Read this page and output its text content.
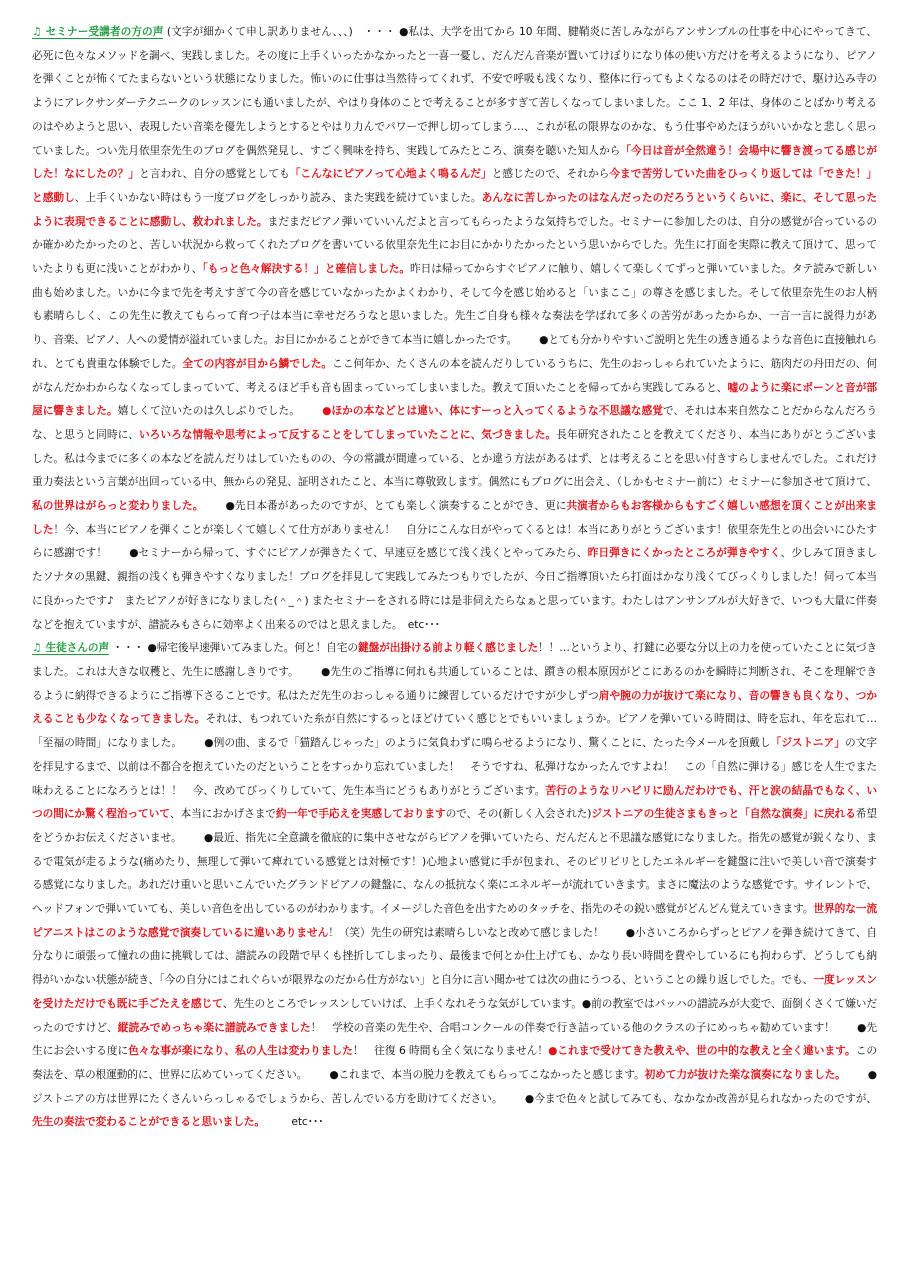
♫ セミナー受講者の方の声 (文字が細かくて申し訳ありません、、、)　・・・ ●私は、大学を出てから 10 年間、腱鞘炎に苦しみながらアンサンブルの仕事を中心にやってきて、必死に色々なメソッドを調べ、実践しました。その度に上手くいったかなかったと一喜一憂し、だんだん音楽が置いてけぼりになり体の使い方だけを考えるようになり、ピアノを弾くことが怖くてたまらないという状態になりました。怖いのに仕事は当然待ってくれず、不安で呼吸も浅くなり、整体に行ってもよくなるのはその時だけで、駆け込み寺のようにアレクサンダーテクニークのレッスンにも通いましたが、やはり身体のことで考えることが多すぎて苦しくなってしまいました。ここ 1、2 年は、身体のことばかり考えるのはやめようと思い、表現したい音楽を優先しようとするとやはり力んでパワーで押し切ってしまう…、これが私の限界なのかな、もう仕事やめたほうがいいかなと悲しく思っていました。つい先月依里奈先生のブログを偶然発見し、すごく興味を持ち、実践してみたところ、演奏を聴いた知人から「今日は音が全然違う！会場中に響き渡ってる感じがした！なにしたの？」と言われ、自分の感覚としても「こんなにピアノって心地よく鳴るんだ」と感じたので、それから今まで苦労していた曲をひっくり返しては「できた！」と感動し、上手くいかない時はもう一度ブログをしっかり読み、また実践を続けていました。あんなに苦しかったのはなんだったのだろうというくらいに、楽に、そして思ったように表現できることに感動し、救われました。まだまだピアノ弾いていいんだよと言ってもらったような気持ちでした。セミナーに参加したのは、自分の感覚が合っているのか確かめたかったのと、苦しい状況から救ってくれたブログを書いている依里奈先生にお目にかかりたかったという思いからでした。先生に打面を実際に教えて頂けて、思っていたよりも更に浅いことがわかり、「もっと色々解決する！」と確信しました。昨日は帰ってからすぐピアノに触り、嬉しくて楽しくてずっと弾いていました。タテ読みで新しい曲も始めました。いかに今まで先を考えすぎて今の音を感じていなかったかよくわかり、そして今を感じ始めると「いまここ」の尊さを感じました。そして依里奈先生のお人柄も素晴らしく、この先生に教えてもらって育つ子は本当に幸せだろうなと思いました。先生ご自身も様々な奏法を学ばれて多くの苦労があったからか、一言一言に説得力があり、音楽、ピアノ、人への愛情が溢れていました。お目にかかることができて本当に嬉しかったです。 ●とても分かりやすいご説明と先生の透き通るような音色に直接触れられ、とても貴重な体験でした。全ての内容が目から鱗でした。ここ何年か、たくさんの本を読んだりしているうちに、先生のおっしゃられていたように、筋肉だの丹田だの、何がなんだかわからなくなってしまっていて、考えるほど手も音も固まっていってしまいました。教えて頂いたことを帰ってから実践してみると、嘘のように楽にポーンと音が部屋に響きました。嬉しくて泣いたのは久しぶりでした。 ●ほかの本などとは違い、体にすーっと入ってくるような不思議な感覚で、それは本来自然なことだからなんだろうな、と思うと同時に、いろいろな情報や思考によって反することをしてしまっていたことに、気づきました。長年研究されたことを教えてくださり、本当にありがとうございました。私は今までに多くの本などを読んだりはしていたものの、今の常識が間違っている、とか違う方法があるはず、とは考えることを思い付きすらしませんでした。これだけ重力奏法という言葉が出回っている中、無からの発見、証明されたこと、本当に尊敬致します。偶然にもブログに出会え、（しかもセミナー前に）セミナーに参加させて頂けて、私の世界はがらっと変わりました。 ●先日本番があったのですが、とても楽しく演奏することができ、更に共演者からもお客様からもすごく嬉しい感想を頂くことが出来ました！今、本当にピアノを弾くことが楽しくて嬉しくて仕方がありません！　自分にこんな日がやってくるとは！本当にありがとうございます！依里奈先生との出会いにひたすらに感謝です！ ●セミナーから帰って、すぐにピアノが弾きたくて、早速豆を感じて浅く浅くとやってみたら、昨日弾きにくかったところが弾きやすく、少しみて頂きましたソナタの黒鍵、親指の浅くも弾きやすくなりました！ブログを拝見して実践してみたつもりでしたが、今日ご指導頂いたら打面はかなり浅くてびっくりしました！伺って本当に良かったです♪　またピアノが好きになりました(＾_＾) またセミナーをされる時には是非伺えたらなぁと思っています。わたしはアンサンブルが大好きで、いつも大量に伴奏などを抱えていますが、譜読みもさらに効率よく出来るのではと思えました。　etc･･･

♫ 生徒さんの声 ・・・ ●帰宅後早速弾いてみました。何と！自宅の鍵盤が出掛ける前より軽く感じました！！…というより、打鍵に必要な分以上の力を使っていたことに気づきました。これは大きな収穫と、先生に感謝しきりです。 ●先生のご指導に何れも共通していることは、躓きの根本原因がどこにあるのかを瞬時に判断され、そこを理解できるように納得できるようにご指導下さることです。私はただ先生のおっしゃる通りに練習しているだけですが少しずつ肩や腕の力が抜けて楽になり、音の響きも良くなり、つかえることも少なくなってきました。それは、もつれていた糸が自然にするっとほどけていく感じとでもいいましょうか。ピアノを弾いている時間は、時を忘れ、年を忘れて…「至福の時間」になりました。 ●例の曲、まるで「猫踏んじゃった」のように気負わずに鳴らせるようになり、驚くことに、たった今メールを頂戴し「ジストニア」の文字を拝見するまで、以前は不都合を抱えていたのだということをすっかり忘れていました！　そうですね、私弾けなかったんですよね！　この「自然に弾ける」感じを人生でまた味わえることになろうとは！！　今、改めてびっくりしていて、先生本当にどうもありがとうございます。苦行のようなリハビリに励んだわけでも、汗と涙の結晶でもなく、いつの間にか驚く程治っていて、本当におかげさまで約一年で手応えを実感しておりますので、その(新しく入会された)ジストニアの生徒さまもきっと「自然な演奏」に戻れる希望をどうかお伝えくださいませ。 ●最近、指先に全意識を徹底的に集中させながらピアノを弾いていたら、だんだんと不思議な感覚になりました。指先の感覚が鋭くなり、まるで電気が走るような(痛めたり、無理して弾いて痺れている感覚とは対極です！)心地よい感覚に手が包まれ、そのピリピリとしたエネルギーを鍵盤に注いで美しい音で演奏する感覚になりました。あれだけ重いと思いこんでいたグランドピアノの鍵盤に、なんの抵抗なく楽にエネルギーが流れていきます。まさに魔法のような感覚です。サイレントで、ヘッドフォンで弾いていても、美しい音色を出しているのがわかります。イメージした音色を出すためのタッチを、指先のその鋭い感覚がどんどん覚えていきます。世界的な一流ピアニストはこのような感覚で演奏しているに違いありません！（笑）先生の研究は素晴らしいなと改めて感じました！ ●小さいころからずっとピアノを弾き続けてきて、自分なりに頑張って憧れの曲に挑戦しては、譜読みの段階で早くも挫折してしまったり、最後まで何とか仕上げても、かなり長い時間を費やしているにも拘わらず、どうしても納得がいかない状態が続き、「今の自分にはこれぐらいが限界なのだから仕方がない」と自分に言い聞かせては次の曲にうつる、ということの繰り返しでした。でも、一度レッスンを受けただけでも既に手ごたえを感じて、先生のところでレッスンしていけば、上手くなれそうな気がしています。●前の教室ではバッハの譜読みが大変で、面倒くさくて嫌いだったのですけど、縦読みでめっちゃ楽に譜読みできました！　学校の音楽の先生や、合唱コンクールの伴奏で行き詰っている他のクラスの子にめっちゃ勧めています！ ●先生にお会いする度に色々な事が楽になり、私の人生は変わりました！　往復 6 時間も全く気になりません！●これまで受けてきた教えや、世の中的な教えと全く違います。この奏法を、草の根運動的に、世界に広めていってください。 ●これまで、本当の脱力を教えてもらってこなかったと感じます。初めて力が抜けた楽な演奏になりました。 ●ジストニアの方は世界にたくさんいらっしゃるでしょうから、苦しんでいる方を助けてください。 ●今まで色々と試してみても、なかなか改善が見られなかったのですが、先生の奏法で変わることができると思いました。　　　etc･･･
